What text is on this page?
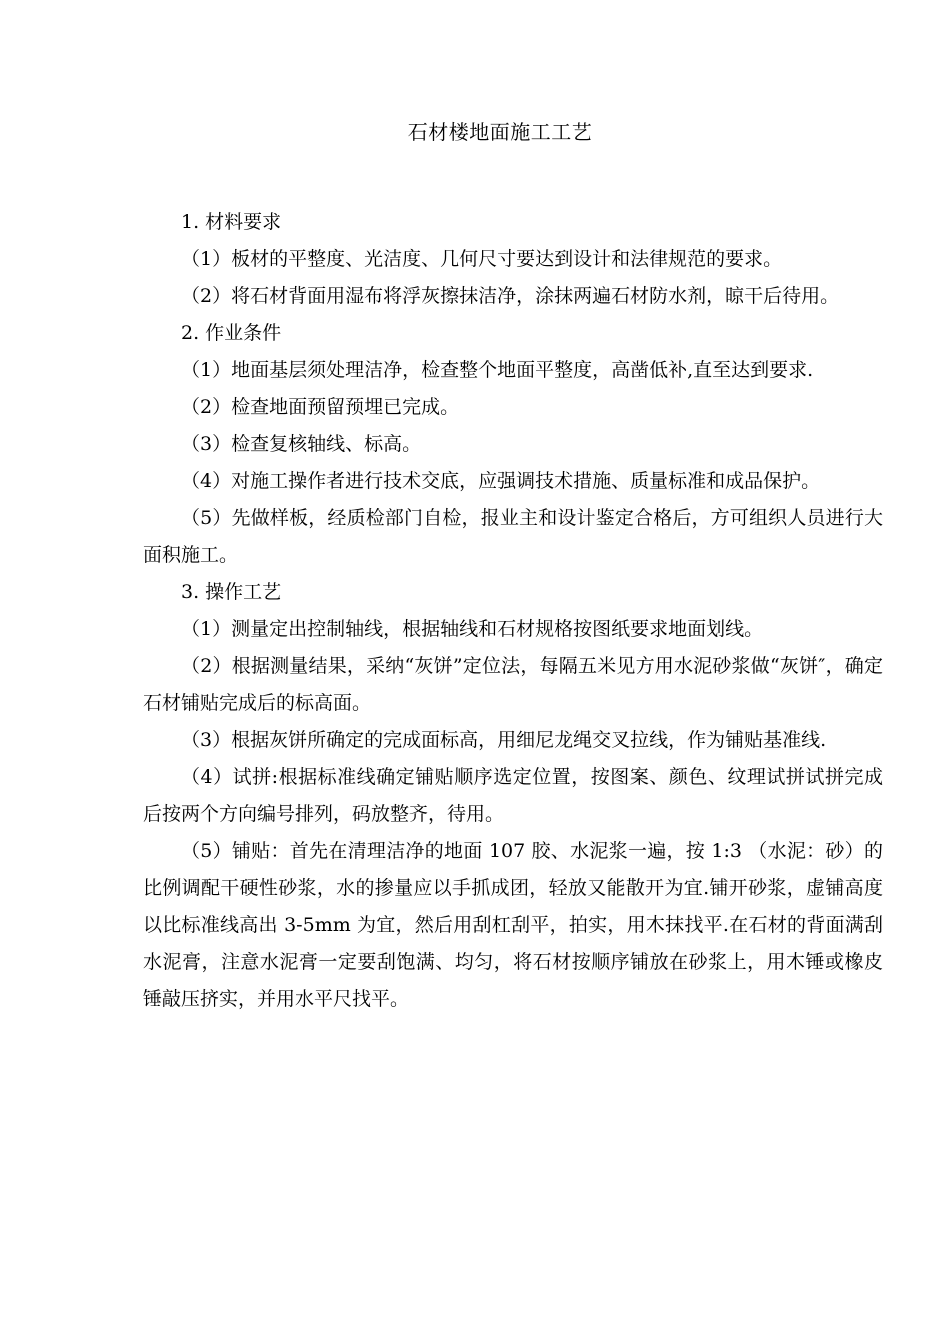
石材楼地面施工工艺

1. 材料要求

（1）板材的平整度、光洁度、几何尺寸要达到设计和法律规范的要求。

（2）将石材背面用湿布将浮灰擦抹洁净，涂抹两遍石材防水剂，晾干后待用。

2. 作业条件

（1）地面基层须处理洁净，检查整个地面平整度，高凿低补,直至达到要求.

（2）检查地面预留预埋已完成。

（3）检查复核轴线、标高。

（4）对施工操作者进行技术交底，应强调技术措施、质量标准和成品保护。

（5）先做样板，经质检部门自检，报业主和设计鉴定合格后，方可组织人员进行大面积施工。

3. 操作工艺

（1）测量定出控制轴线，根据轴线和石材规格按图纸要求地面划线。

（2）根据测量结果，采纳“灰饼”定位法，每隔五米见方用水泥砂浆做“灰饼″，确定石材铺贴完成后的标高面。

（3）根据灰饼所确定的完成面标高，用细尼龙绳交叉拉线，作为铺贴基准线.

（4）试拼:根据标准线确定铺贴顺序选定位置，按图案、颜色、纹理试拼试拼完成后按两个方向编号排列，码放整齐，待用。

（5）铺贴：首先在清理洁净的地面 107 胶、水泥浆一遍，按 1:3 （水泥：砂）的比例调配干硬性砂浆，水的掺量应以手抓成团，轻放又能散开为宜.铺开砂浆，虚铺高度以比标准线高出 3-5mm 为宜，然后用刮杠刮平，拍实，用木抹找平.在石材的背面满刮水泥膏，注意水泥膏一定要刮饱满、均匀，将石材按顺序铺放在砂浆上，用木锤或橡皮锤敲压挤实，并用水平尺找平。
